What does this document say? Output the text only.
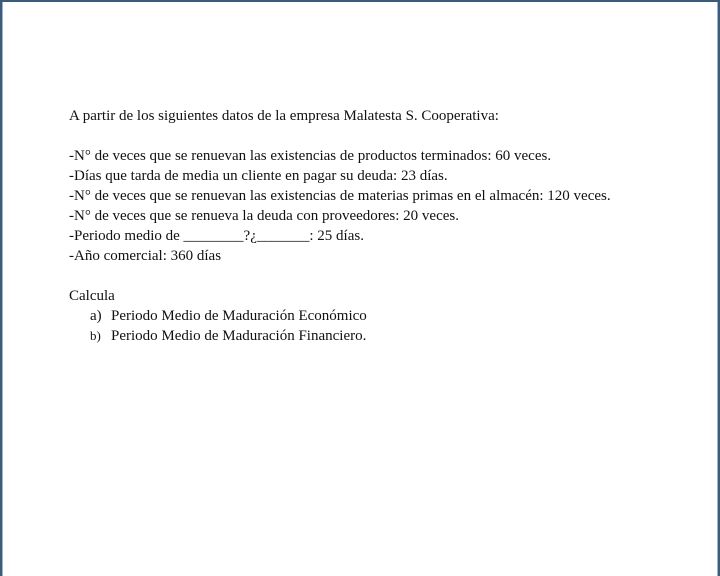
A partir de los siguientes datos de la empresa Malatesta S. Cooperativa:
-N° de veces que se renuevan las existencias de productos terminados: 60 veces.
-Días que tarda de media un cliente en pagar su deuda: 23 días.
-N° de veces que se renuevan las existencias de materias primas en el almacén: 120 veces.
-N° de veces que se renueva la deuda con proveedores: 20 veces.
-Periodo medio de ________?¿_______: 25 días.
-Año comercial: 360 días
Calcula
a) Periodo Medio de Maduración Económico
b) Periodo Medio de Maduración Financiero.
